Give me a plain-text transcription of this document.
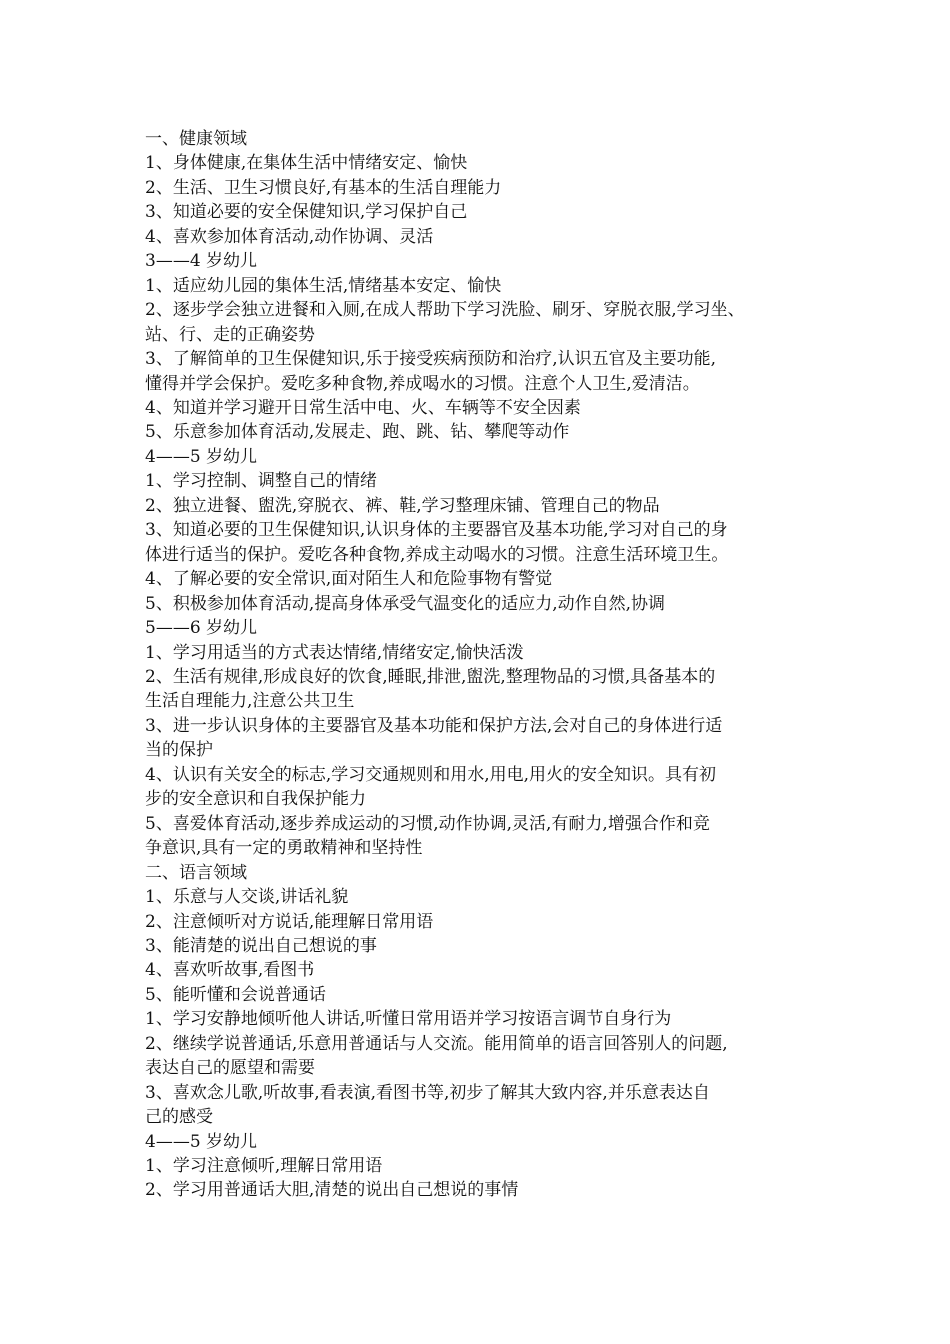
一、健康领域

1、身体健康,在集体生活中情绪安定、愉快

2、生活、卫生习惯良好,有基本的生活自理能力

3、知道必要的安全保健知识,学习保护自己

4、喜欢参加体育活动,动作协调、灵活

3——4 岁幼儿

1、适应幼儿园的集体生活,情绪基本安定、愉快

2、逐步学会独立进餐和入厕,在成人帮助下学习洗脸、刷牙、穿脱衣服,学习坐、

站、行、走的正确姿势

3、了解简单的卫生保健知识,乐于接受疾病预防和治疗,认识五官及主要功能,

懂得并学会保护。爱吃多种食物,养成喝水的习惯。注意个人卫生,爱清洁。

4、知道并学习避开日常生活中电、火、车辆等不安全因素

5、乐意参加体育活动,发展走、跑、跳、钻、攀爬等动作

4——5 岁幼儿

1、学习控制、调整自己的情绪

2、独立进餐、盥洗,穿脱衣、裤、鞋,学习整理床铺、管理自己的物品

3、知道必要的卫生保健知识,认识身体的主要器官及基本功能,学习对自己的身

体进行适当的保护。爱吃各种食物,养成主动喝水的习惯。注意生活环境卫生。

4、了解必要的安全常识,面对陌生人和危险事物有警觉

5、积极参加体育活动,提高身体承受气温变化的适应力,动作自然,协调

5——6 岁幼儿

1、学习用适当的方式表达情绪,情绪安定,愉快活泼

2、生活有规律,形成良好的饮食,睡眠,排泄,盥洗,整理物品的习惯,具备基本的

生活自理能力,注意公共卫生

3、进一步认识身体的主要器官及基本功能和保护方法,会对自己的身体进行适

当的保护

4、认识有关安全的标志,学习交通规则和用水,用电,用火的安全知识。具有初

步的安全意识和自我保护能力

5、喜爱体育活动,逐步养成运动的习惯,动作协调,灵活,有耐力,增强合作和竞

争意识,具有一定的勇敢精神和坚持性

二、语言领域

1、乐意与人交谈,讲话礼貌

2、注意倾听对方说话,能理解日常用语

3、能清楚的说出自己想说的事

4、喜欢听故事,看图书

5、能听懂和会说普通话

1、学习安静地倾听他人讲话,听懂日常用语并学习按语言调节自身行为

2、继续学说普通话,乐意用普通话与人交流。能用简单的语言回答别人的问题,

表达自己的愿望和需要

3、喜欢念儿歌,听故事,看表演,看图书等,初步了解其大致内容,并乐意表达自

己的感受

4——5 岁幼儿

1、学习注意倾听,理解日常用语

2、学习用普通话大胆,清楚的说出自己想说的事情
